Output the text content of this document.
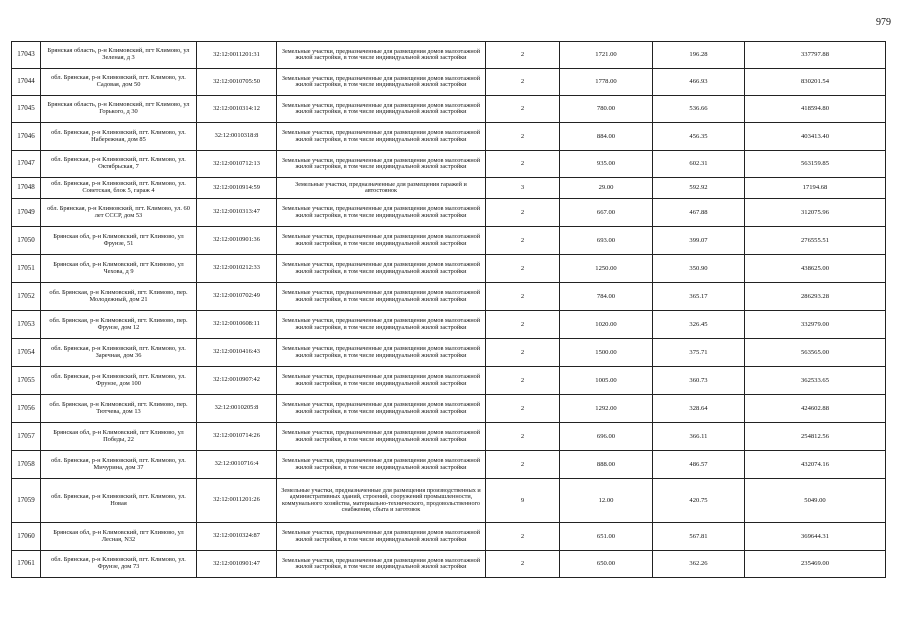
979
17043	Брянская область, р-н Климовский, пгт Климово, ул Зеленая, д 3	32:12:0011201:31	Земельные участки, предназначенные для размещения домов малоэтажной жилой застройки, в том числе индивидуальной жилой застройки	2	1721.00	196.28	337797.88
17044	обл. Брянская, р-н Климовский, пгт. Климово, ул. Садовая, дом 50	32:12:0010705:50	Земельные участки, предназначенные для размещения домов малоэтажной жилой застройки, в том числе индивидуальной жилой застройки	2	1778.00	466.93	830201.54
17045	Брянская область, р-н Климовский, пгт Климово, ул Горького, д 30	32:12:0010314:12	Земельные участки, предназначенные для размещения домов малоэтажной жилой застройки, в том числе индивидуальной жилой застройки	2	780.00	536.66	418594.80
17046	обл. Брянская, р-н Климовский, пгт. Климово, ул. Набережная, дом 85	32:12:0010318:8	Земельные участки, предназначенные для размещения домов малоэтажной жилой застройки, в том числе индивидуальной жилой застройки	2	884.00	456.35	403413.40
17047	обл. Брянская, р-н Климовский, пгт. Климово, ул. Октябрьская, 7	32:12:0010712:13	Земельные участки, предназначенные для размещения домов малоэтажной жилой застройки, в том числе индивидуальной жилой застройки	2	935.00	602.31	563159.85
17048	обл. Брянская, р-н Климовский, пгт. Климово, ул. Советская, блок 5, гараж 4	32:12:0010914:59	Земельные участки, предназначенные для размещения гаражей и автостоянок	3	29.00	592.92	17194.68
17049	обл. Брянская, р-н Климовский, пгт. Климово, ул. 60 лет СССР, дом 53	32:12:0010313:47	Земельные участки, предназначенные для размещения домов малоэтажной жилой застройки, в том числе индивидуальной жилой застройки	2	667.00	467.88	312075.96
17050	Брянская обл, р-н Климовский, пгт Климово, ул Фрунзе, 51	32:12:0010901:36	Земельные участки, предназначенные для размещения домов малоэтажной жилой застройки, в том числе индивидуальной жилой застройки	2	693.00	399.07	276555.51
17051	Брянская обл, р-н Климовский, пгт Климово, ул Чехова, д 9	32:12:0010212:33	Земельные участки, предназначенные для размещения домов малоэтажной жилой застройки, в том числе индивидуальной жилой застройки	2	1250.00	350.90	438625.00
17052	обл. Брянская, р-н Климовский, пгт. Климово, пер. Молодежный, дом 21	32:12:0010702:49	Земельные участки, предназначенные для размещения домов малоэтажной жилой застройки, в том числе индивидуальной жилой застройки	2	784.00	365.17	286293.28
17053	обл. Брянская, р-н Климовский, пгт. Климово, пер. Фрунзе, дом 12	32:12:0010608:11	Земельные участки, предназначенные для размещения домов малоэтажной жилой застройки, в том числе индивидуальной жилой застройки	2	1020.00	326.45	332979.00
17054	обл. Брянская, р-н Климовский, пгт. Климово, ул. Заречная, дом 36	32:12:0010416:43	Земельные участки, предназначенные для размещения домов малоэтажной жилой застройки, в том числе индивидуальной жилой застройки	2	1500.00	375.71	563565.00
17055	обл. Брянская, р-н Климовский, пгт. Климово, ул. Фрунзе, дом 100	32:12:0010907:42	Земельные участки, предназначенные для размещения домов малоэтажной жилой застройки, в том числе индивидуальной жилой застройки	2	1005.00	360.73	362533.65
17056	обл. Брянская, р-н Климовский, пгт. Климово, пер. Тютчева, дом 13	32:12:0010205:8	Земельные участки, предназначенные для размещения домов малоэтажной жилой застройки, в том числе индивидуальной жилой застройки	2	1292.00	328.64	424602.88
17057	Брянская обл, р-н Климовский, пгт Климово, ул Победы, 22	32:12:0010714:26	Земельные участки, предназначенные для размещения домов малоэтажной жилой застройки, в том числе индивидуальной жилой застройки	2	696.00	366.11	254812.56
17058	обл. Брянская, р-н Климовский, пгт. Климово, ул. Мичурина, дом 37	32:12:0010716:4	Земельные участки, предназначенные для размещения домов малоэтажной жилой застройки, в том числе индивидуальной жилой застройки	2	888.00	486.57	432074.16
17059	обл. Брянская, р-н Климовский, пгт. Климово, ул. Новая	32:12:0011201:26	Земельные участки, предназначенные для размещения производственных и административных зданий, строений, сооружений промышленности, коммунального хозяйства, материально-технического, продовольственного снабжения, сбыта и заготовок	9	12.00	420.75	5049.00
17060	Брянская обл, р-н Климовский, пгт Климово, ул Лесная, N32	32:12:0010324:87	Земельные участки, предназначенные для размещения домов малоэтажной жилой застройки, в том числе индивидуальной жилой застройки	2	651.00	567.81	369644.31
17061	обл. Брянская, р-н Климовский, пгт. Климово, ул. Фрунзе, дом 73	32:12:0010901:47	Земельные участки, предназначенные для размещения домов малоэтажной жилой застройки, в том числе индивидуальной жилой застройки	2	650.00	362.26	235469.00
